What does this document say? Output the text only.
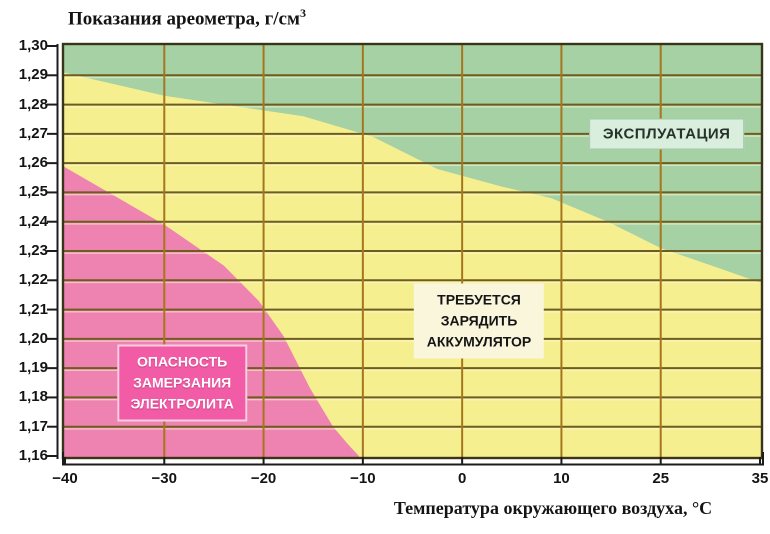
Показания ареометра, $г/см^3$
1,30
1,29
1,28
1,27
1,26
1,25
1,24
1,23
1,22
1,21
1,20
1,19
1,18
1,17
1,16
−40	−30	−20	−10	0	10	25	35
ЭКСПЛУАТАЦИЯ
ТРЕБУЕТСЯ
ЗАРЯДИТЬ
АККУМУЛЯТОР
ОПАСНОСТЬ
ЗАМЕРЗАНИЯ
ЭЛЕКТРОЛИТА
Температура окружающего воздуха, °С
